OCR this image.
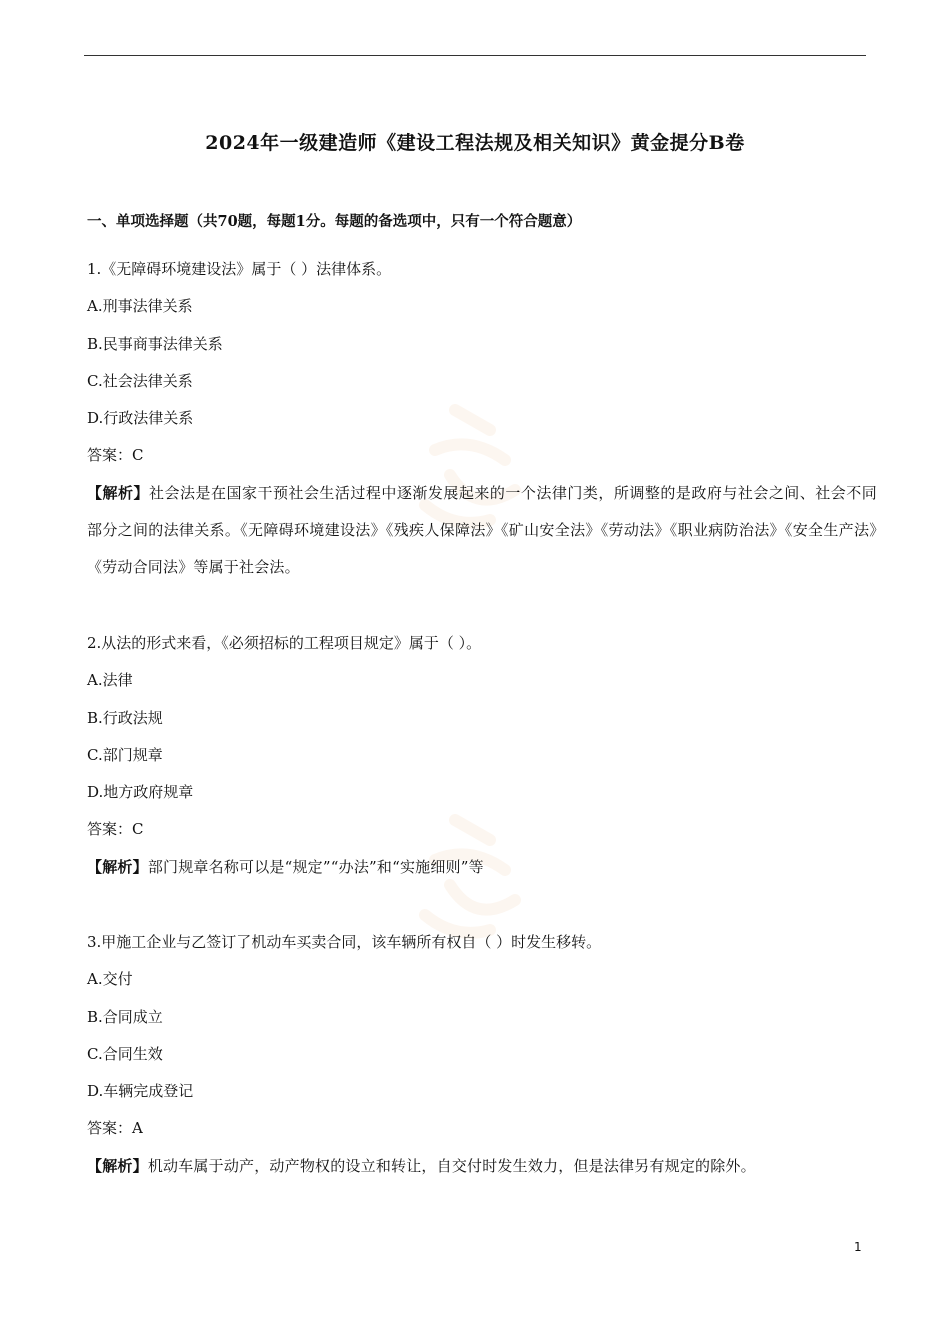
2024年一级建造师《建设工程法规及相关知识》黄金提分B卷
一、单项选择题（共70题，每题1分。每题的备选项中，只有一个符合题意）
1.《无障碍环境建设法》属于（ ）法律体系。
A.刑事法律关系
B.民事商事法律关系
C.社会法律关系
D.行政法律关系
答案：C
【解析】社会法是在国家干预社会生活过程中逐渐发展起来的一个法律门类，所调整的是政府与社会之间、社会不同部分之间的法律关系。《无障碍环境建设法》《残疾人保障法》《矿山安全法》《劳动法》《职业病防治法》《安全生产法》《劳动合同法》等属于社会法。
2.从法的形式来看，《必须招标的工程项目规定》属于（ ）。
A.法律
B.行政法规
C.部门规章
D.地方政府规章
答案：C
【解析】部门规章名称可以是“规定”“办法”和“实施细则”等
3.甲施工企业与乙签订了机动车买卖合同，该车辆所有权自（ ）时发生移转。
A.交付
B.合同成立
C.合同生效
D.车辆完成登记
答案：A
【解析】机动车属于动产，动产物权的设立和转让，自交付时发生效力，但是法律另有规定的除外。
1
